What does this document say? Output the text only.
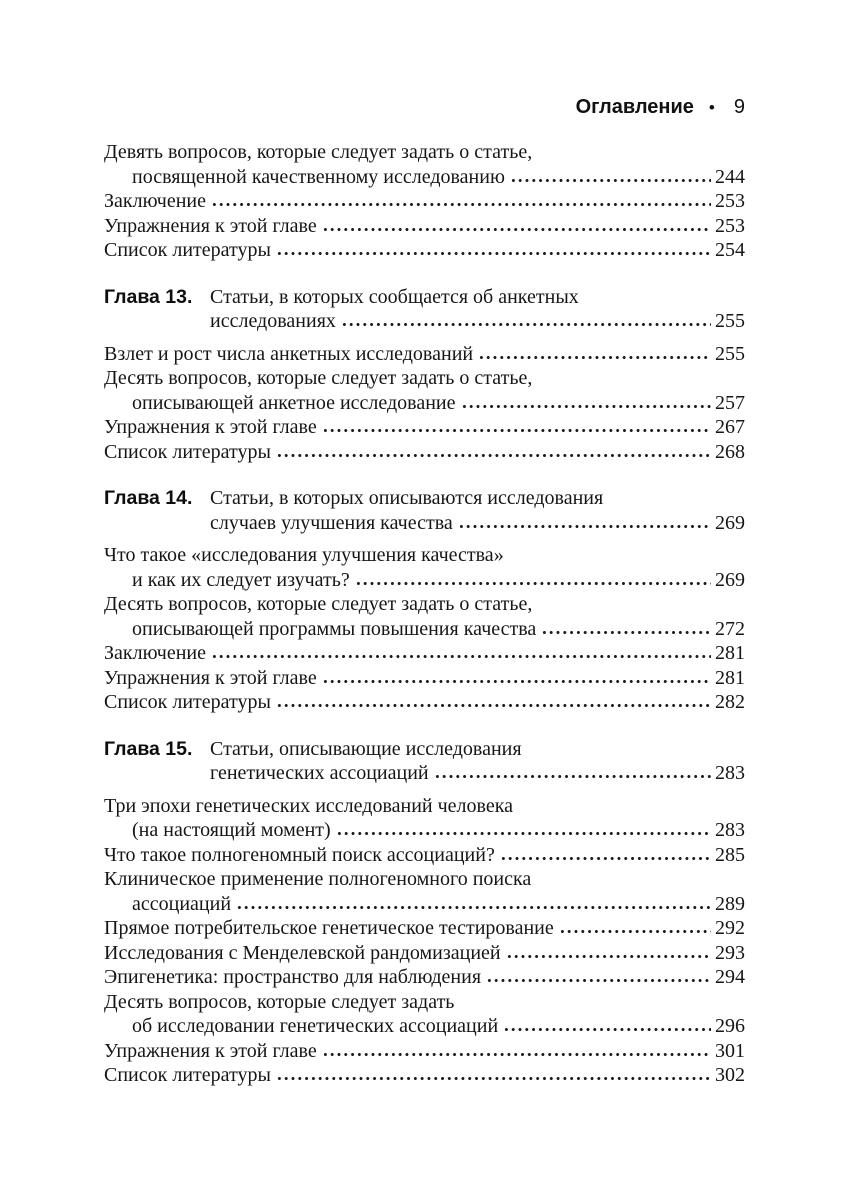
Оглавление • 9
Девять вопросов, которые следует задать о статье,
посвященной качественному исследованию	244
Заключение	253
Упражнения к этой главе	253
Список литературы	254
Глава 13. Статьи, в которых сообщается об анкетных
исследованиях	255
Взлет и рост числа анкетных исследований	255
Десять вопросов, которые следует задать о статье,
описывающей анкетное исследование	257
Упражнения к этой главе	267
Список литературы	268
Глава 14. Статьи, в которых описываются исследования
случаев улучшения качества	269
Что такое «исследования улучшения качества»
и как их следует изучать?	269
Десять вопросов, которые следует задать о статье,
описывающей программы повышения качества	272
Заключение	281
Упражнения к этой главе	281
Список литературы	282
Глава 15. Статьи, описывающие исследования
генетических ассоциаций	283
Три эпохи генетических исследований человека
(на настоящий момент)	283
Что такое полногеномный поиск ассоциаций?	285
Клиническое применение полногеномного поиска
ассоциаций	289
Прямое потребительское генетическое тестирование	292
Исследования с Менделевской рандомизацией	293
Эпигенетика: пространство для наблюдения	294
Десять вопросов, которые следует задать
об исследовании генетических ассоциаций	296
Упражнения к этой главе	301
Список литературы	302
